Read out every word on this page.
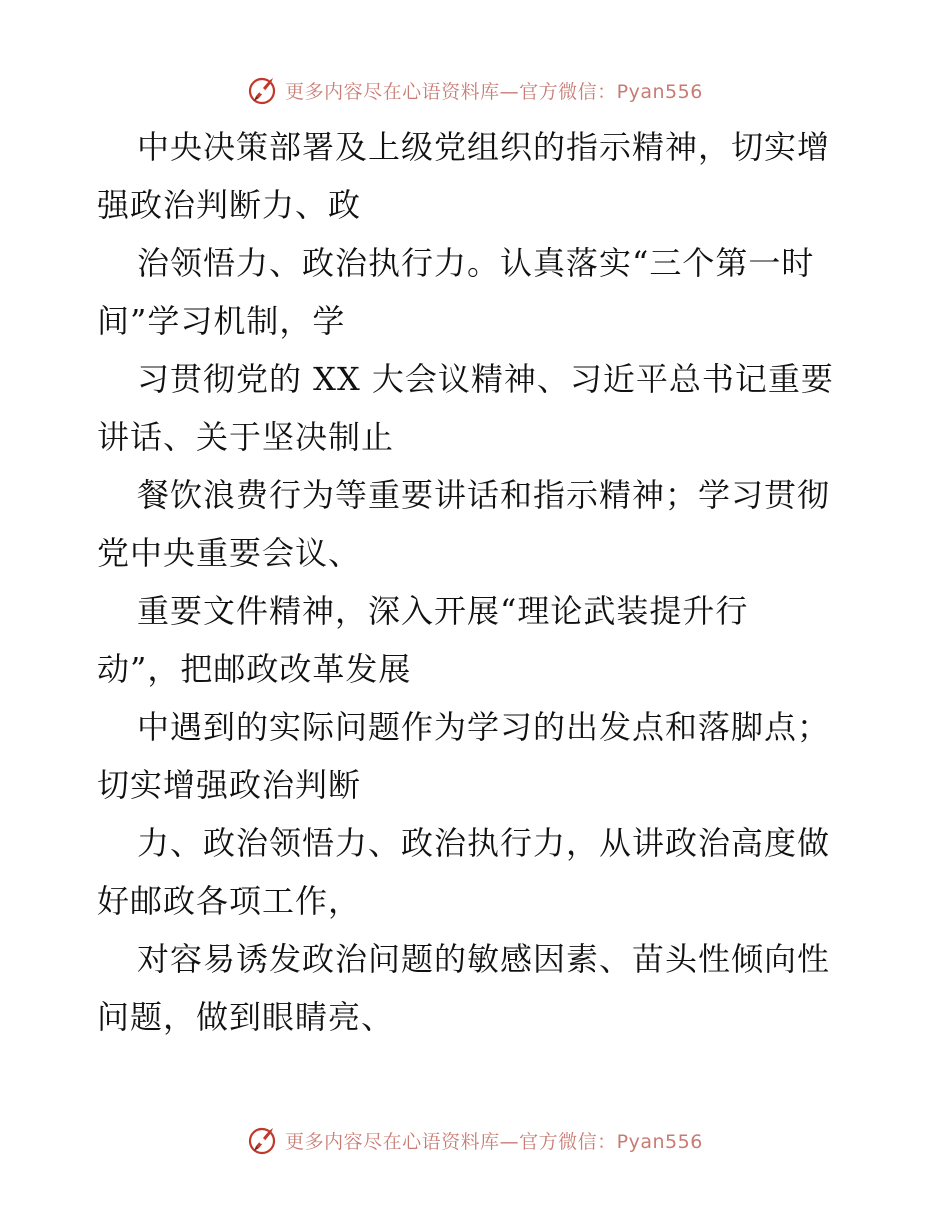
更多内容尽在心语资料库—官方微信：Pyan556

中央决策部署及上级党组织的指示精神，切实增
强政治判断力、政

治领悟力、政治执行力。认真落实“三个第一时
间”学习机制，学

习贯彻党的 XX 大会议精神、习近平总书记重要
讲话、关于坚决制止

餐饮浪费行为等重要讲话和指示精神；学习贯彻
党中央重要会议、

重要文件精神，深入开展“理论武装提升行
动”，把邮政改革发展

中遇到的实际问题作为学习的出发点和落脚点；
切实增强政治判断

力、政治领悟力、政治执行力，从讲政治高度做
好邮政各项工作，

对容易诱发政治问题的敏感因素、苗头性倾向性
问题，做到眼睛亮、

更多内容尽在心语资料库—官方微信：Pyan556
